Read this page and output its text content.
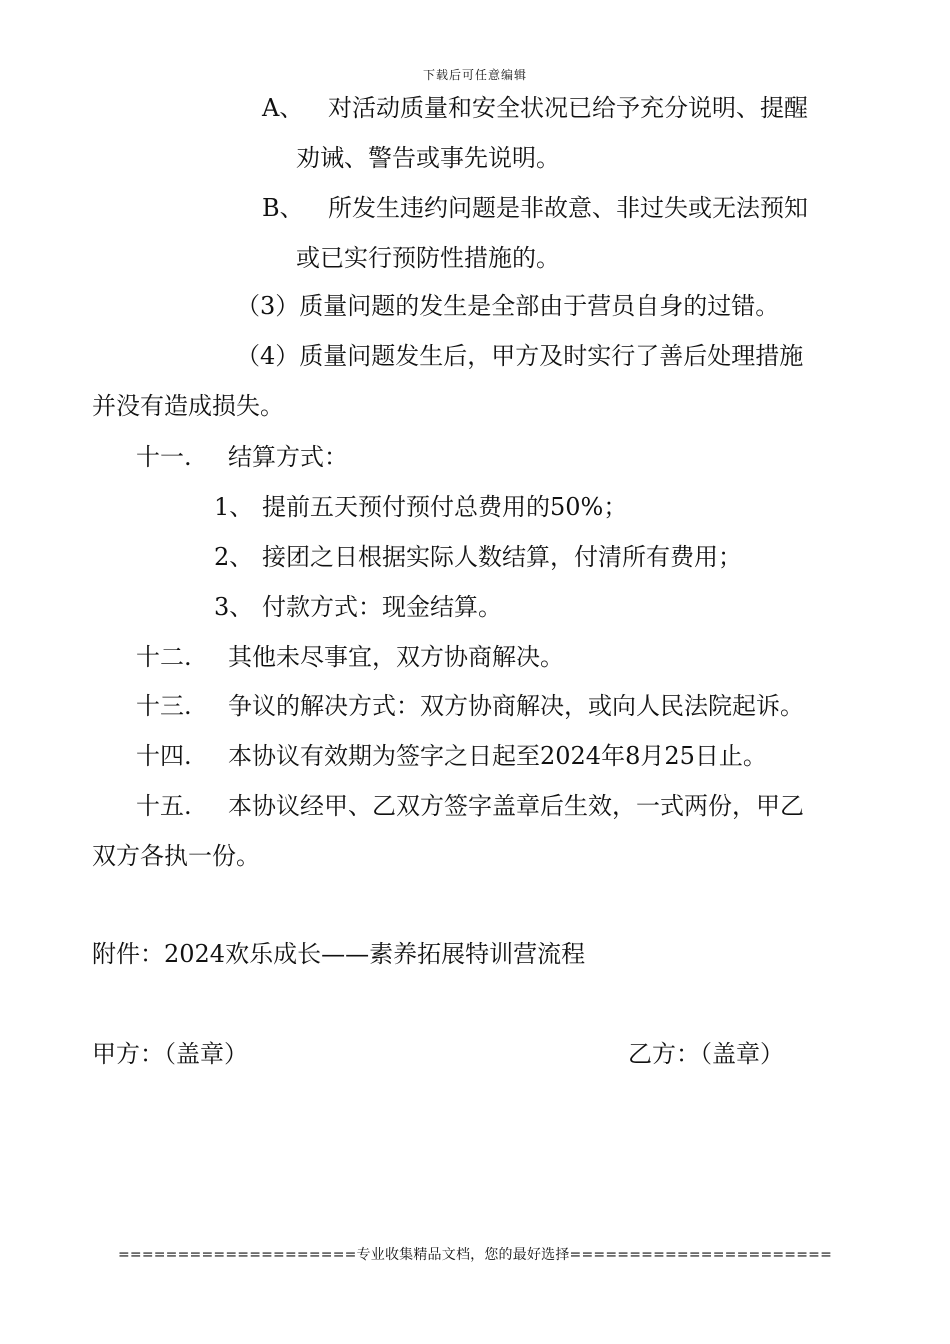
下载后可任意编辑
A、 对活动质量和安全状况已给予充分说明、提醒
劝诫、警告或事先说明。
B、 所发生违约问题是非故意、非过失或无法预知
或已实行预防性措施的。
（3）质量问题的发生是全部由于营员自身的过错。
（4）质量问题发生后，甲方及时实行了善后处理措施
并没有造成损失。
十一. 结算方式：
1、 提前五天预付预付总费用的50%；
2、 接团之日根据实际人数结算，付清所有费用；
3、 付款方式：现金结算。
十二. 其他未尽事宜，双方协商解决。
十三. 争议的解决方式：双方协商解决，或向人民法院起诉。
十四. 本协议有效期为签字之日起至2024年8月25日止。
十五. 本协议经甲、乙双方签字盖章后生效，一式两份，甲乙
双方各执一份。
附件：2024欢乐成长——素养拓展特训营流程
甲方：（盖章）	乙方：（盖章）
====================专业收集精品文档，您的最好选择======================
